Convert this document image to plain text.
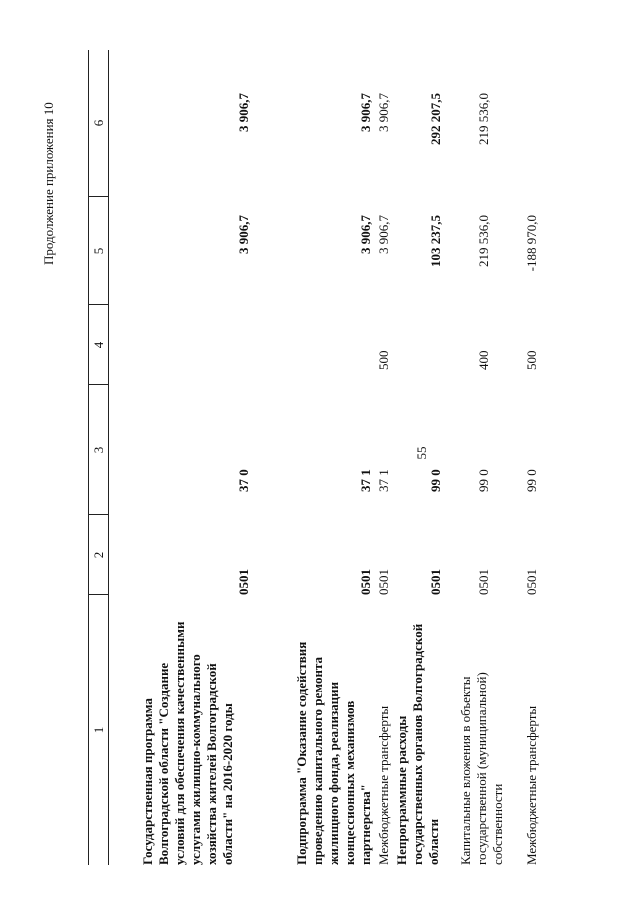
55
Продолжение приложения 10
1
2
3
4
5
6
Государственная программа Волгоградской области "Создание условий для обеспечения качественными услугами жилищно-коммунального хозяйства жителей Волгоградской области" на 2016-2020 годы
0501
37 0
3 906,7
3 906,7
Подпрограмма "Оказание содействия проведению капитального ремонта жилищного фонда, реализации концессионных механизмов партнерства"
0501
37 1
3 906,7
3 906,7
Межбюджетные трансферты
0501
37 1
500
3 906,7
3 906,7
Непрограммные расходы государственных органов Волгоградской области
0501
99 0
103 237,5
292 207,5
Капитальные вложения в объекты государственной (муниципальной) собственности
0501
99 0
400
219 536,0
219 536,0
Межбюджетные трансферты
0501
99 0
500
-188 970,0
